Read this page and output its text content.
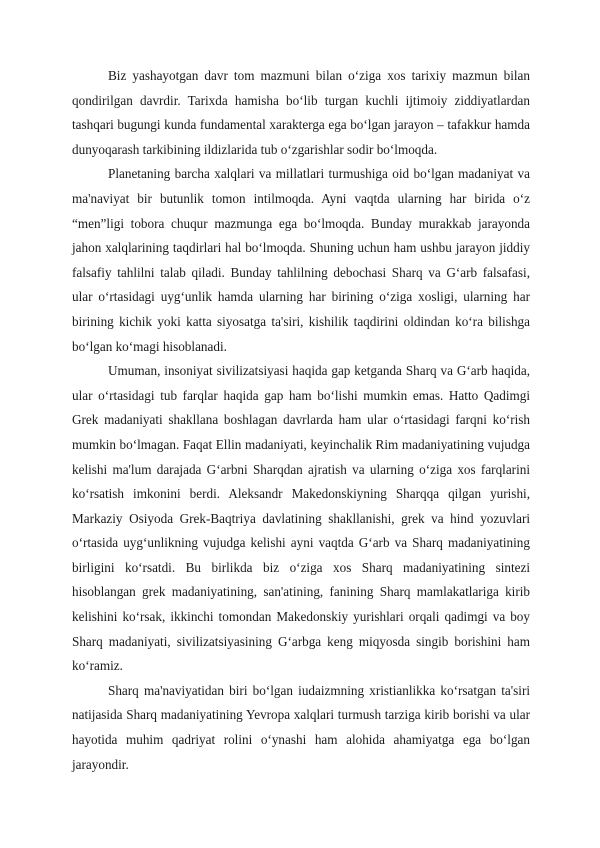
Biz yashayotgan davr tom mazmuni bilan o‘ziga xos tarixiy mazmun bilan qondirilgan davrdir. Tarixda hamisha bo‘lib turgan kuchli ijtimoiy ziddiyatlardan tashqari bugungi kunda fundamental xarakterga ega bo‘lgan jarayon – tafakkur hamda dunyoqarash tarkibining ildizlarida tub o‘zgarishlar sodir bo‘lmoqda.

Planetaning barcha xalqlari va millatlari turmushiga oid bo‘lgan madaniyat va ma'naviyat bir butunlik tomon intilmoqda. Ayni vaqtda ularning har birida o‘z “men”ligi tobora chuqur mazmunga ega bo‘lmoqda. Bunday murakkab jarayonda jahon xalqlarining taqdirlari hal bo‘lmoqda. Shuning uchun ham ushbu jarayon jiddiy falsafiy tahlilni talab qiladi. Bunday tahlilning debochasi Sharq va G‘arb falsafasi, ular o‘rtasidagi uyg‘unlik hamda ularning har birining o‘ziga xosligi, ularning har birining kichik yoki katta siyosatga ta'siri, kishilik taqdirini oldindan ko‘ra bilishga bo‘lgan ko‘magi hisoblanadi.

Umuman, insoniyat sivilizatsiyasi haqida gap ketganda Sharq va G‘arb haqida, ular o‘rtasidagi tub farqlar haqida gap ham bo‘lishi mumkin emas. Hatto Qadimgi Grek madaniyati shakllana boshlagan davrlarda ham ular o‘rtasidagi farqni ko‘rish mumkin bo‘lmagan. Faqat Ellin madaniyati, keyinchalik Rim madaniyatining vujudga kelishi ma'lum darajada G‘arbni Sharqdan ajratish va ularning o‘ziga xos farqlarini ko‘rsatish imkonini berdi. Aleksandr Makedonskiyning Sharqqa qilgan yurishi, Markaziy Osiyoda Grek-Baqtriya davlatining shakllanishi, grek va hind yozuvlari o‘rtasida uyg‘unlikning vujudga kelishi ayni vaqtda G‘arb va Sharq madaniyatining birligini ko‘rsatdi. Bu birlikda biz o‘ziga xos Sharq madaniyatining sintezi hisoblangan grek madaniyatining, san'atining, fanining Sharq mamlakatlariga kirib kelishini ko‘rsak, ikkinchi tomondan Makedonskiy yurishlari orqali qadimgi va boy Sharq madaniyati, sivilizatsiyasining G‘arbga keng miqyosda singib borishini ham ko‘ramiz.

Sharq ma'naviyatidan biri bo‘lgan iudaizmning xristianlikka ko‘rsatgan ta'siri natijasida Sharq madaniyatining Yevropa xalqlari turmush tarziga kirib borishi va ular hayotida muhim qadriyat rolini o‘ynashi ham alohida ahamiyatga ega bo‘lgan jarayondir.
